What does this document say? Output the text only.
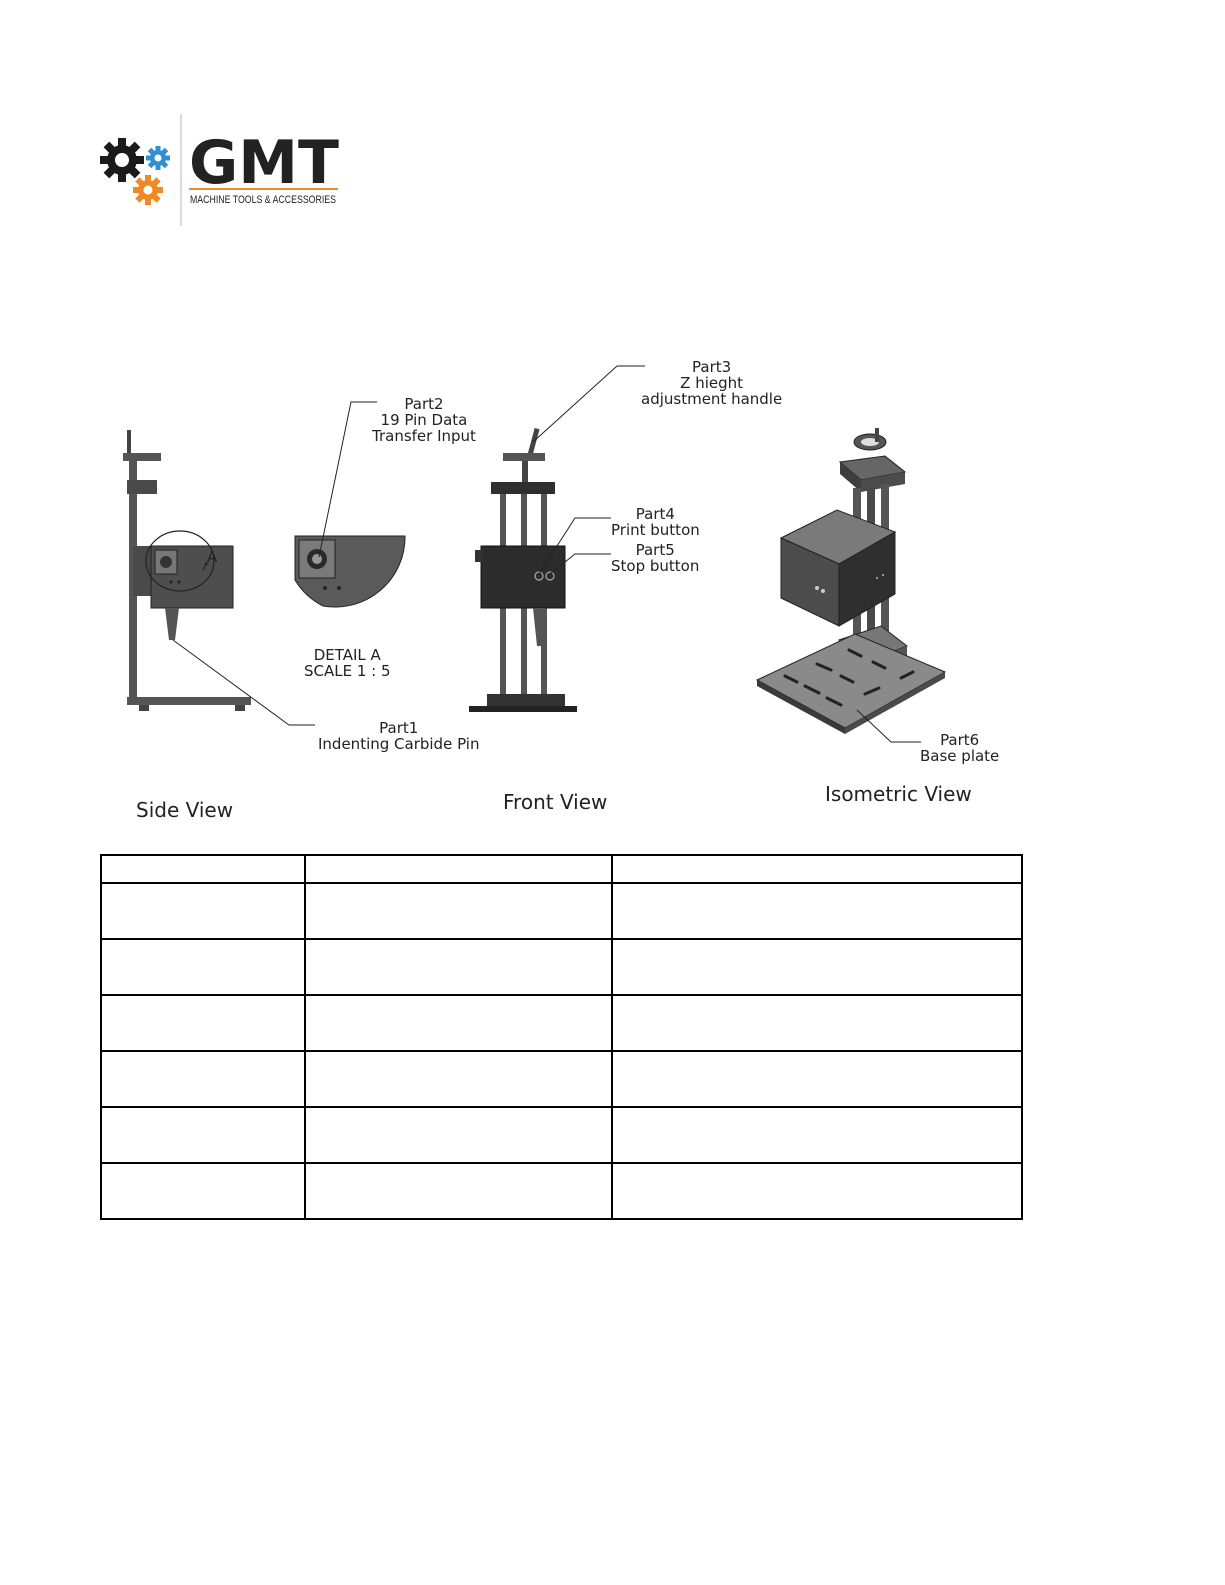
GMT
MACHINE TOOLS & ACCESSORIES
A
Part2
19 Pin Data
Transfer Input
Part3
Z hieght
adjustment handle
Part4
Print button
Part5
Stop button
DETAIL A
SCALE 1 : 5
Part1
Indenting Carbide Pin	Part6
Base plate
Side View	Front View	Isometric View
